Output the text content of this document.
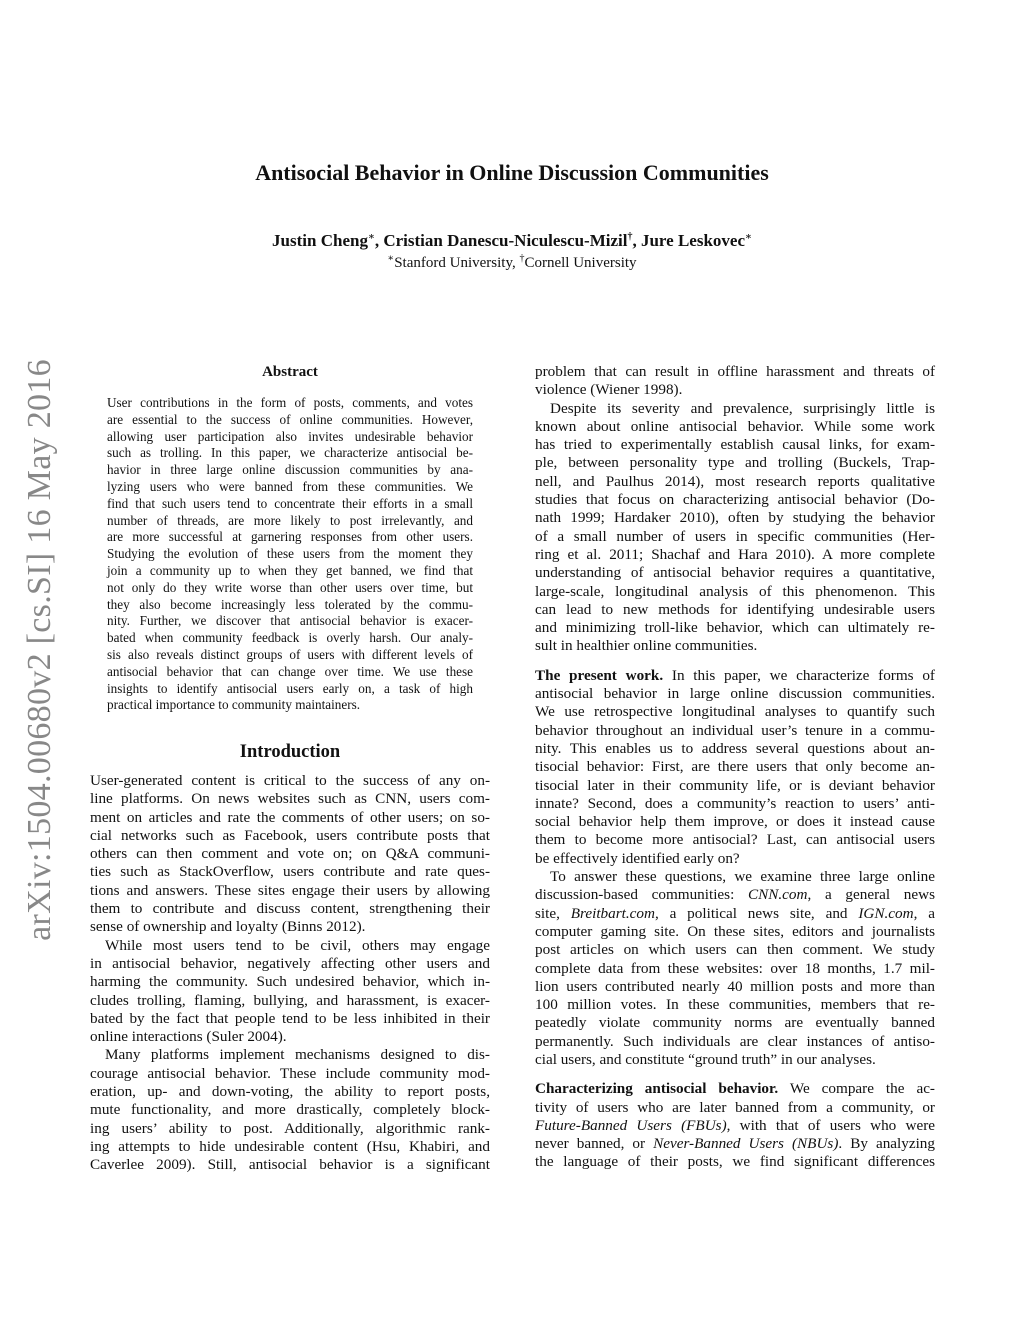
arXiv:1504.00680v2 [cs.SI] 16 May 2016
Antisocial Behavior in Online Discussion Communities
Justin Cheng∗, Cristian Danescu-Niculescu-Mizil†, Jure Leskovec∗
∗Stanford University, †Cornell University
Abstract
User contributions in the form of posts, comments, and votes
are essential to the success of online communities. However,
allowing user participation also invites undesirable behavior
such as trolling. In this paper, we characterize antisocial be-
havior in three large online discussion communities by ana-
lyzing users who were banned from these communities. We
find that such users tend to concentrate their efforts in a small
number of threads, are more likely to post irrelevantly, and
are more successful at garnering responses from other users.
Studying the evolution of these users from the moment they
join a community up to when they get banned, we find that
not only do they write worse than other users over time, but
they also become increasingly less tolerated by the commu-
nity. Further, we discover that antisocial behavior is exacer-
bated when community feedback is overly harsh. Our analy-
sis also reveals distinct groups of users with different levels of
antisocial behavior that can change over time. We use these
insights to identify antisocial users early on, a task of high
practical importance to community maintainers.
Introduction
User-generated content is critical to the success of any on-
line platforms. On news websites such as CNN, users com-
ment on articles and rate the comments of other users; on so-
cial networks such as Facebook, users contribute posts that
others can then comment and vote on; on Q&A communi-
ties such as StackOverflow, users contribute and rate ques-
tions and answers. These sites engage their users by allowing
them to contribute and discuss content, strengthening their
sense of ownership and loyalty (Binns 2012).
While most users tend to be civil, others may engage
in antisocial behavior, negatively affecting other users and
harming the community. Such undesired behavior, which in-
cludes trolling, flaming, bullying, and harassment, is exacer-
bated by the fact that people tend to be less inhibited in their
online interactions (Suler 2004).
Many platforms implement mechanisms designed to dis-
courage antisocial behavior. These include community mod-
eration, up- and down-voting, the ability to report posts,
mute functionality, and more drastically, completely block-
ing users’ ability to post. Additionally, algorithmic rank-
ing attempts to hide undesirable content (Hsu, Khabiri, and
Caverlee 2009). Still, antisocial behavior is a significant
problem that can result in offline harassment and threats of
violence (Wiener 1998).
Despite its severity and prevalence, surprisingly little is
known about online antisocial behavior. While some work
has tried to experimentally establish causal links, for exam-
ple, between personality type and trolling (Buckels, Trap-
nell, and Paulhus 2014), most research reports qualitative
studies that focus on characterizing antisocial behavior (Do-
nath 1999; Hardaker 2010), often by studying the behavior
of a small number of users in specific communities (Her-
ring et al. 2011; Shachaf and Hara 2010). A more complete
understanding of antisocial behavior requires a quantitative,
large-scale, longitudinal analysis of this phenomenon. This
can lead to new methods for identifying undesirable users
and minimizing troll-like behavior, which can ultimately re-
sult in healthier online communities.
The present work. In this paper, we characterize forms of
antisocial behavior in large online discussion communities.
We use retrospective longitudinal analyses to quantify such
behavior throughout an individual user’s tenure in a commu-
nity. This enables us to address several questions about an-
tisocial behavior: First, are there users that only become an-
tisocial later in their community life, or is deviant behavior
innate? Second, does a community’s reaction to users’ anti-
social behavior help them improve, or does it instead cause
them to become more antisocial? Last, can antisocial users
be effectively identified early on?
To answer these questions, we examine three large online
discussion-based communities: CNN.com, a general news
site, Breitbart.com, a political news site, and IGN.com, a
computer gaming site. On these sites, editors and journalists
post articles on which users can then comment. We study
complete data from these websites: over 18 months, 1.7 mil-
lion users contributed nearly 40 million posts and more than
100 million votes. In these communities, members that re-
peatedly violate community norms are eventually banned
permanently. Such individuals are clear instances of antiso-
cial users, and constitute “ground truth” in our analyses.
Characterizing antisocial behavior. We compare the ac-
tivity of users who are later banned from a community, or
Future-Banned Users (FBUs), with that of users who were
never banned, or Never-Banned Users (NBUs). By analyzing
the language of their posts, we find significant differences
